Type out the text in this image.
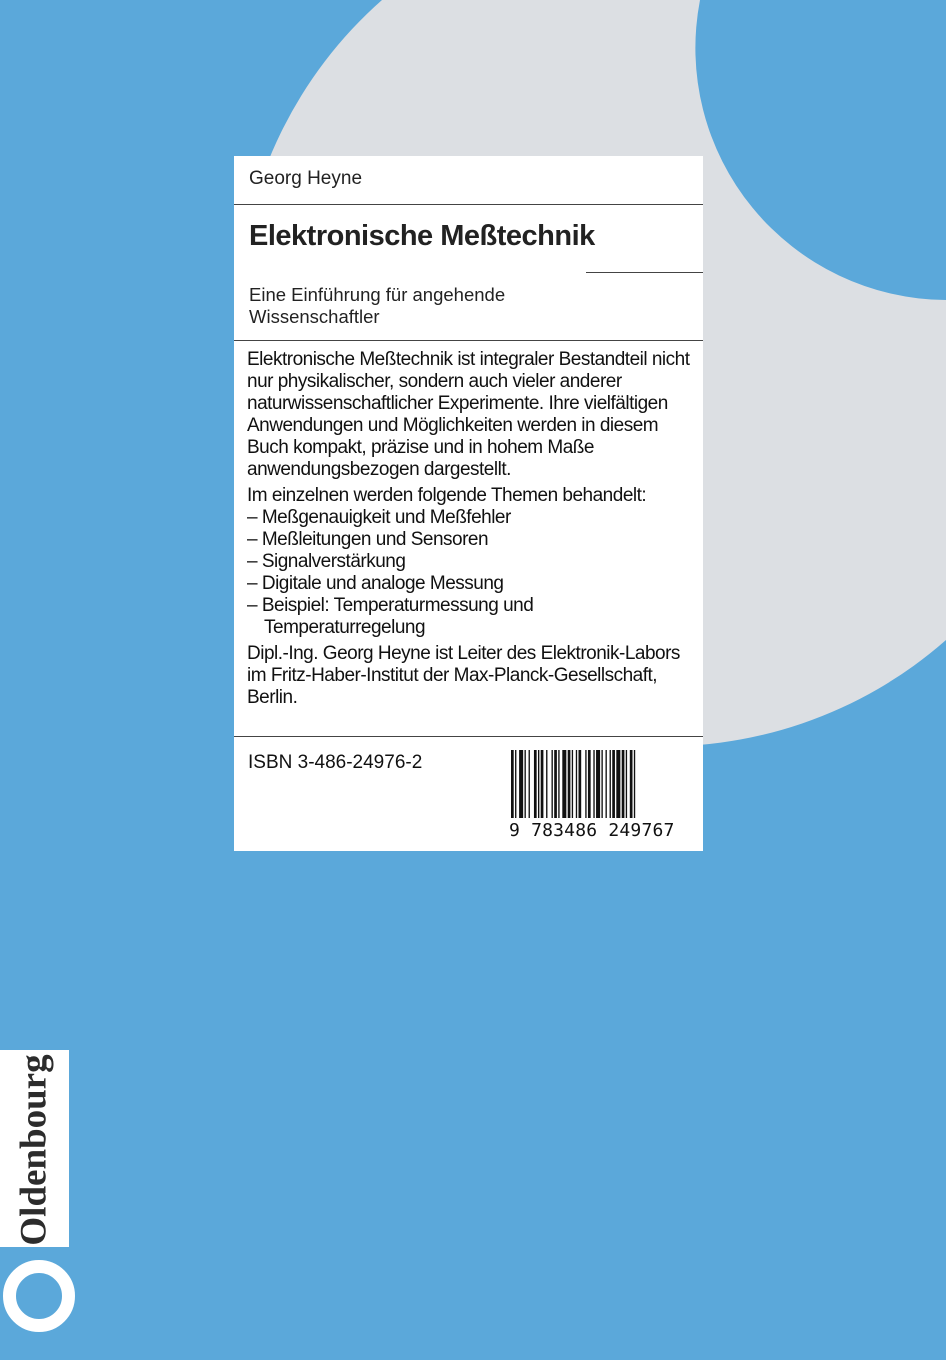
Georg Heyne
Elektronische Meßtechnik
Eine Einführung für angehende
Wissenschaftler

Elektronische Meßtechnik ist integraler Bestandteil nicht nur physikalischer, sondern auch vieler anderer naturwissenschaftlicher Experimente. Ihre vielfältigen Anwendungen und Möglichkeiten werden in diesem Buch kompakt, präzise und in hohem Maße anwendungsbezogen dargestellt.

Im einzelnen werden folgende Themen behandelt:

– Meßgenauigkeit und Meßfehler
– Meßleitungen und Sensoren
– Signalverstärkung
– Digitale und analoge Messung
– Beispiel: Temperaturmessung und Temperaturregelung

Dipl.-Ing. Georg Heyne ist Leiter des Elektronik-Labors im Fritz-Haber-Institut der Max-Planck-Gesellschaft, Berlin.

ISBN 3-486-24976-2
9 783486 249767
Oldenbourg
